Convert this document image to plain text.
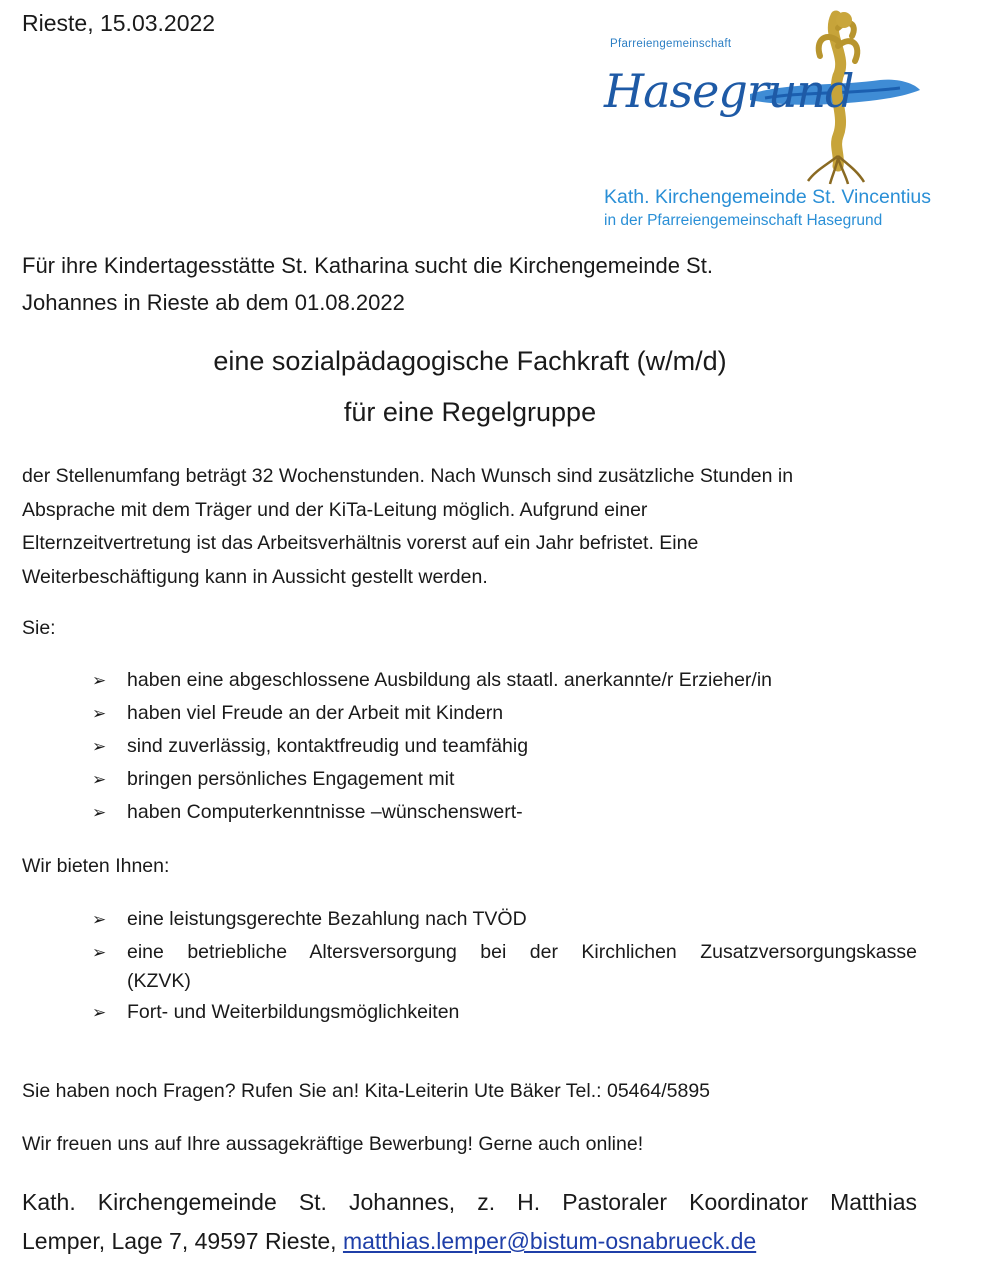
Rieste, 15.03.2022
Pfarreiengemeinschaft
Hasegrund
Kath. Kirchengemeinde St. Vincentius
in der Pfarreiengemeinschaft Hasegrund
Für ihre Kindertagesstätte St. Katharina sucht die Kirchengemeinde St.
Johannes in Rieste ab dem 01.08.2022
eine sozialpädagogische Fachkraft (w/m/d)
für eine Regelgruppe
der Stellenumfang beträgt 32 Wochenstunden. Nach Wunsch sind zusätzliche Stunden in
Absprache mit dem Träger und der KiTa-Leitung möglich. Aufgrund einer
Elternzeitvertretung ist das Arbeitsverhältnis vorerst auf ein Jahr befristet. Eine
Weiterbeschäftigung kann in Aussicht gestellt werden.
Sie:
➢ haben eine abgeschlossene Ausbildung als staatl. anerkannte/r Erzieher/in
➢ haben viel Freude an der Arbeit mit Kindern
➢ sind zuverlässig, kontaktfreudig und teamfähig
➢ bringen persönliches Engagement mit
➢ haben Computerkenntnisse –wünschenswert-
Wir bieten Ihnen:
➢ eine leistungsgerechte Bezahlung nach TVÖD
➢ eine betriebliche Altersversorgung bei der Kirchlichen Zusatzversorgungskasse
(KZVK)
➢ Fort- und Weiterbildungsmöglichkeiten
Sie haben noch Fragen? Rufen Sie an! Kita-Leiterin Ute Bäker Tel.: 05464/5895
Wir freuen uns auf Ihre aussagekräftige Bewerbung! Gerne auch online!
Kath. Kirchengemeinde St. Johannes, z. H. Pastoraler Koordinator Matthias
Lemper, Lage 7, 49597 Rieste, matthias.lemper@bistum-osnabrueck.de
